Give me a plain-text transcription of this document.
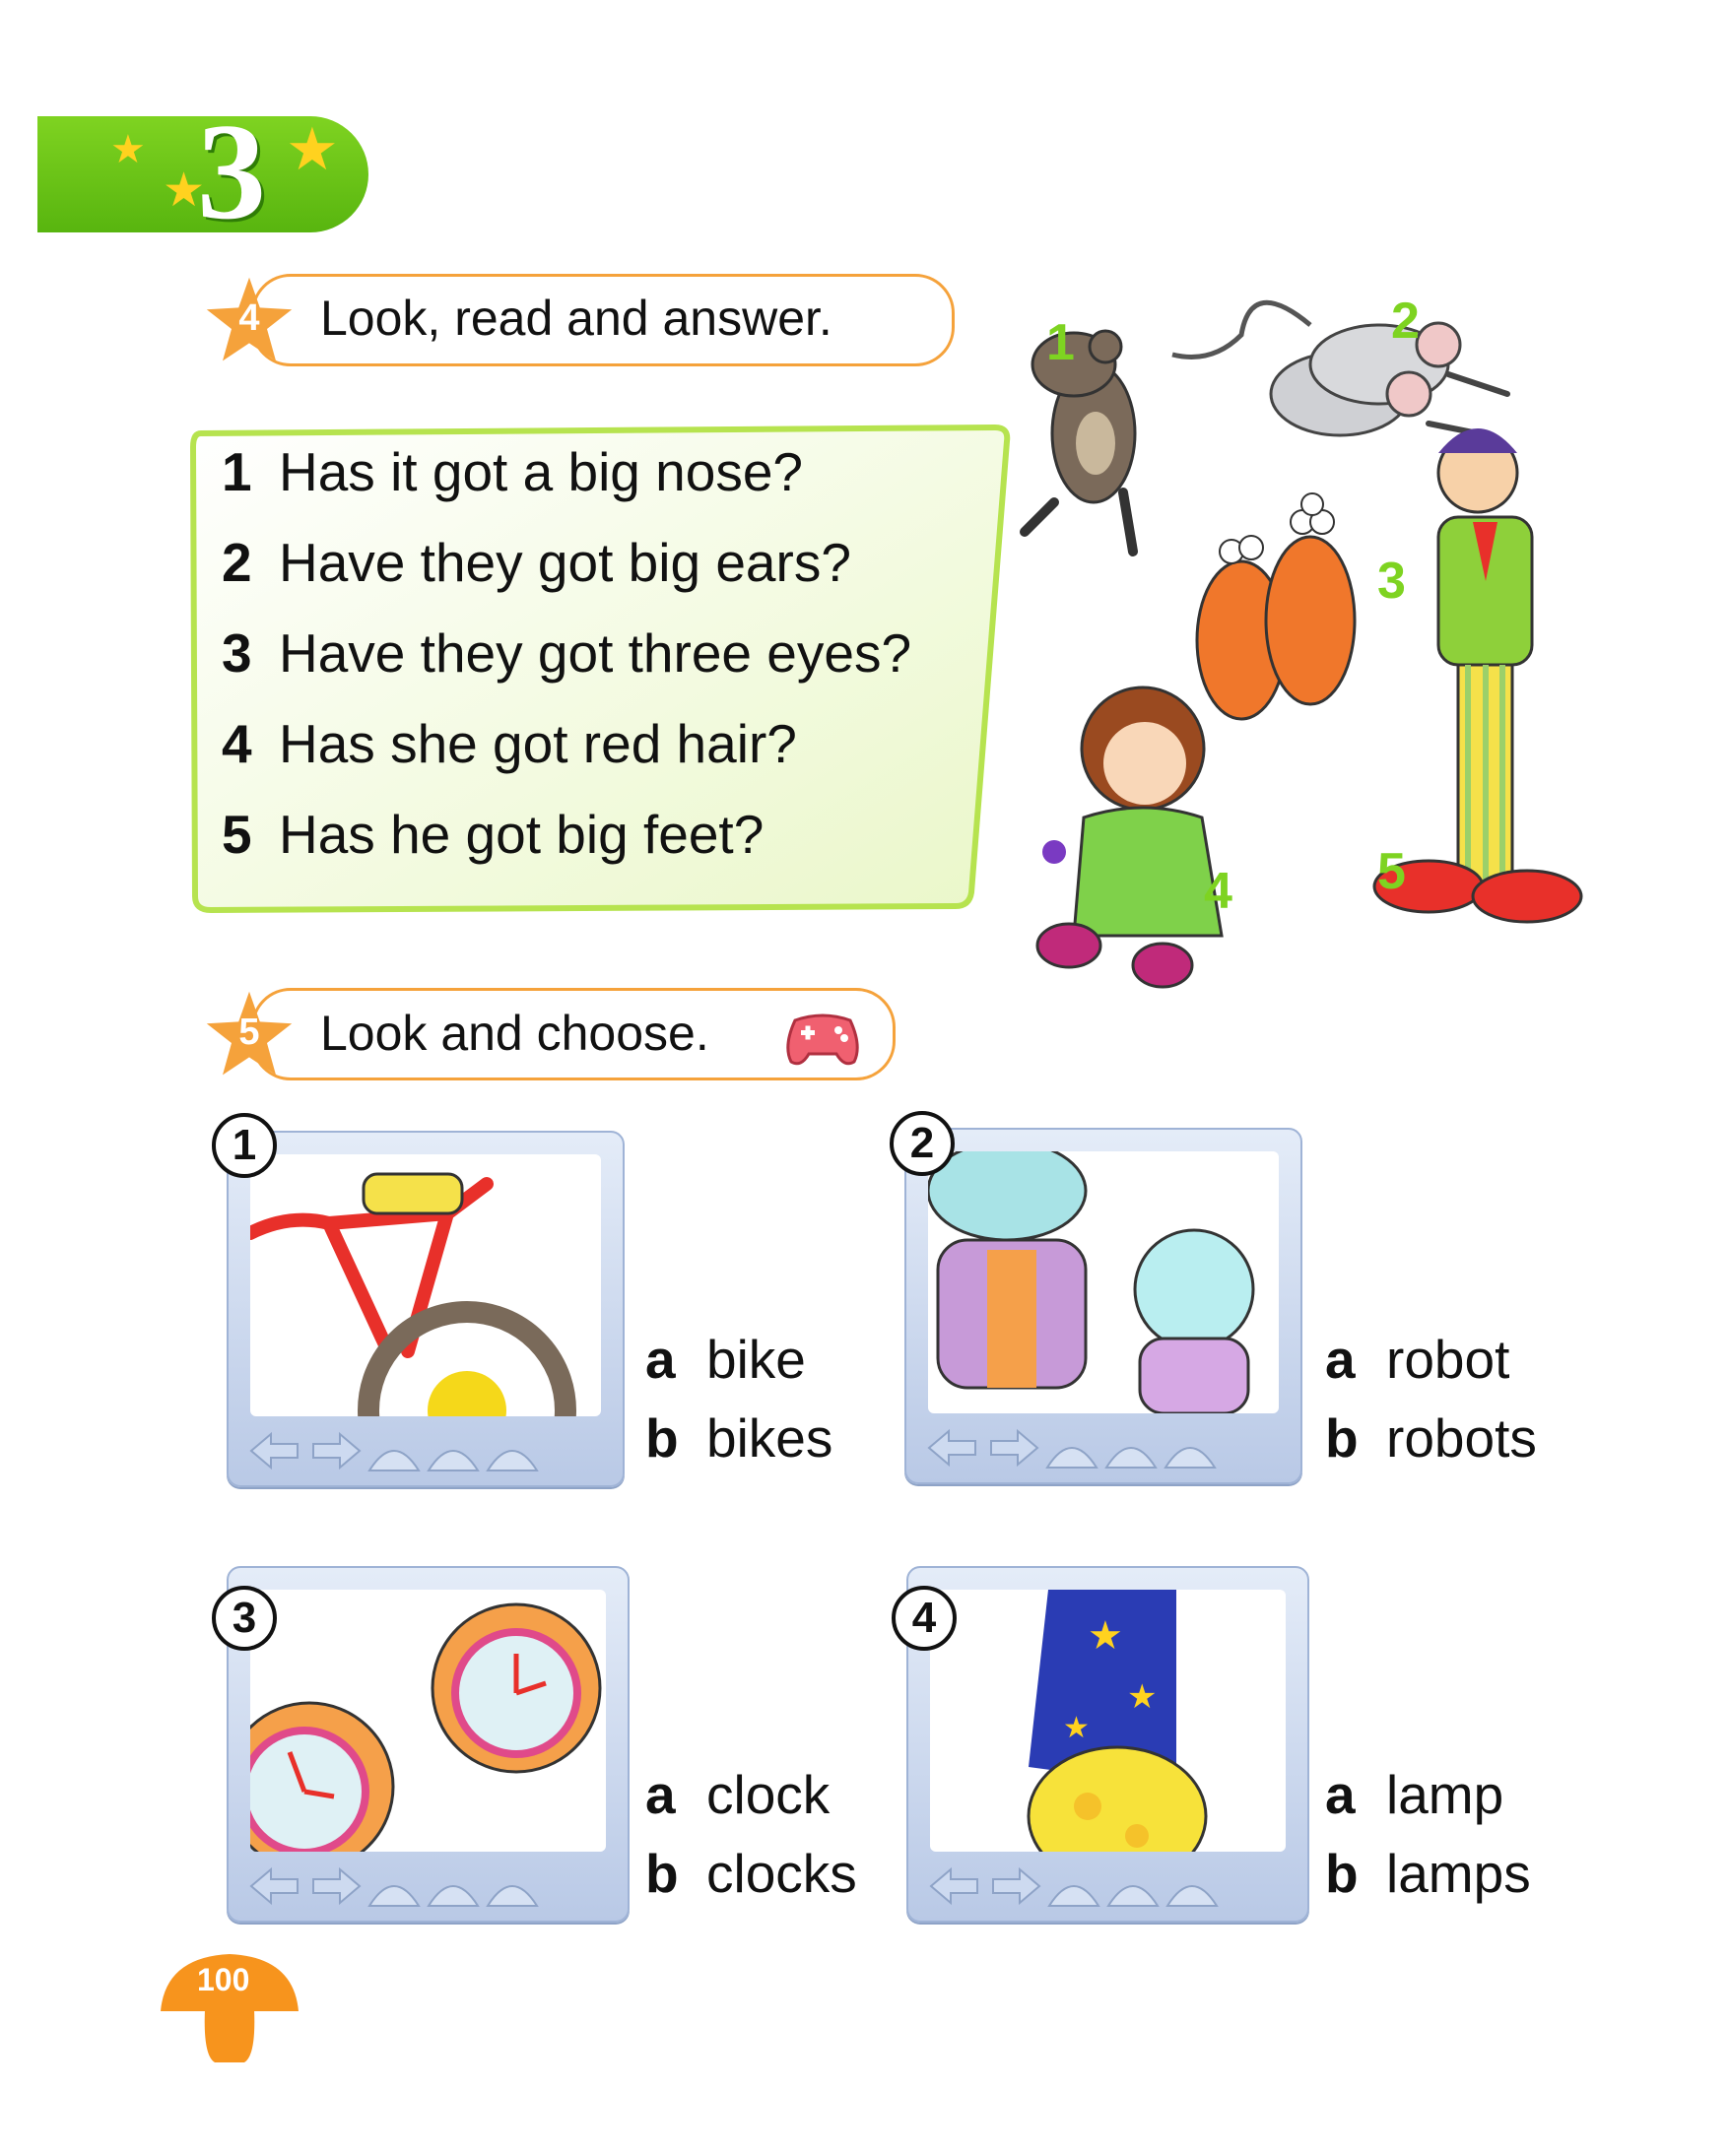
★
★
★
3
4	Look, read and answer.
1 Has it got a big nose?
2 Have they got big ears?
3 Have they got three eyes?
4 Has she got red hair?
5 Has he got big feet?
1	2
3
4	5
5	Look and choose.
1
a bike
b bikes
2
a robot
b robots
3
a clock
b clocks
★
★
★
4
a lamp
b lamps
100
